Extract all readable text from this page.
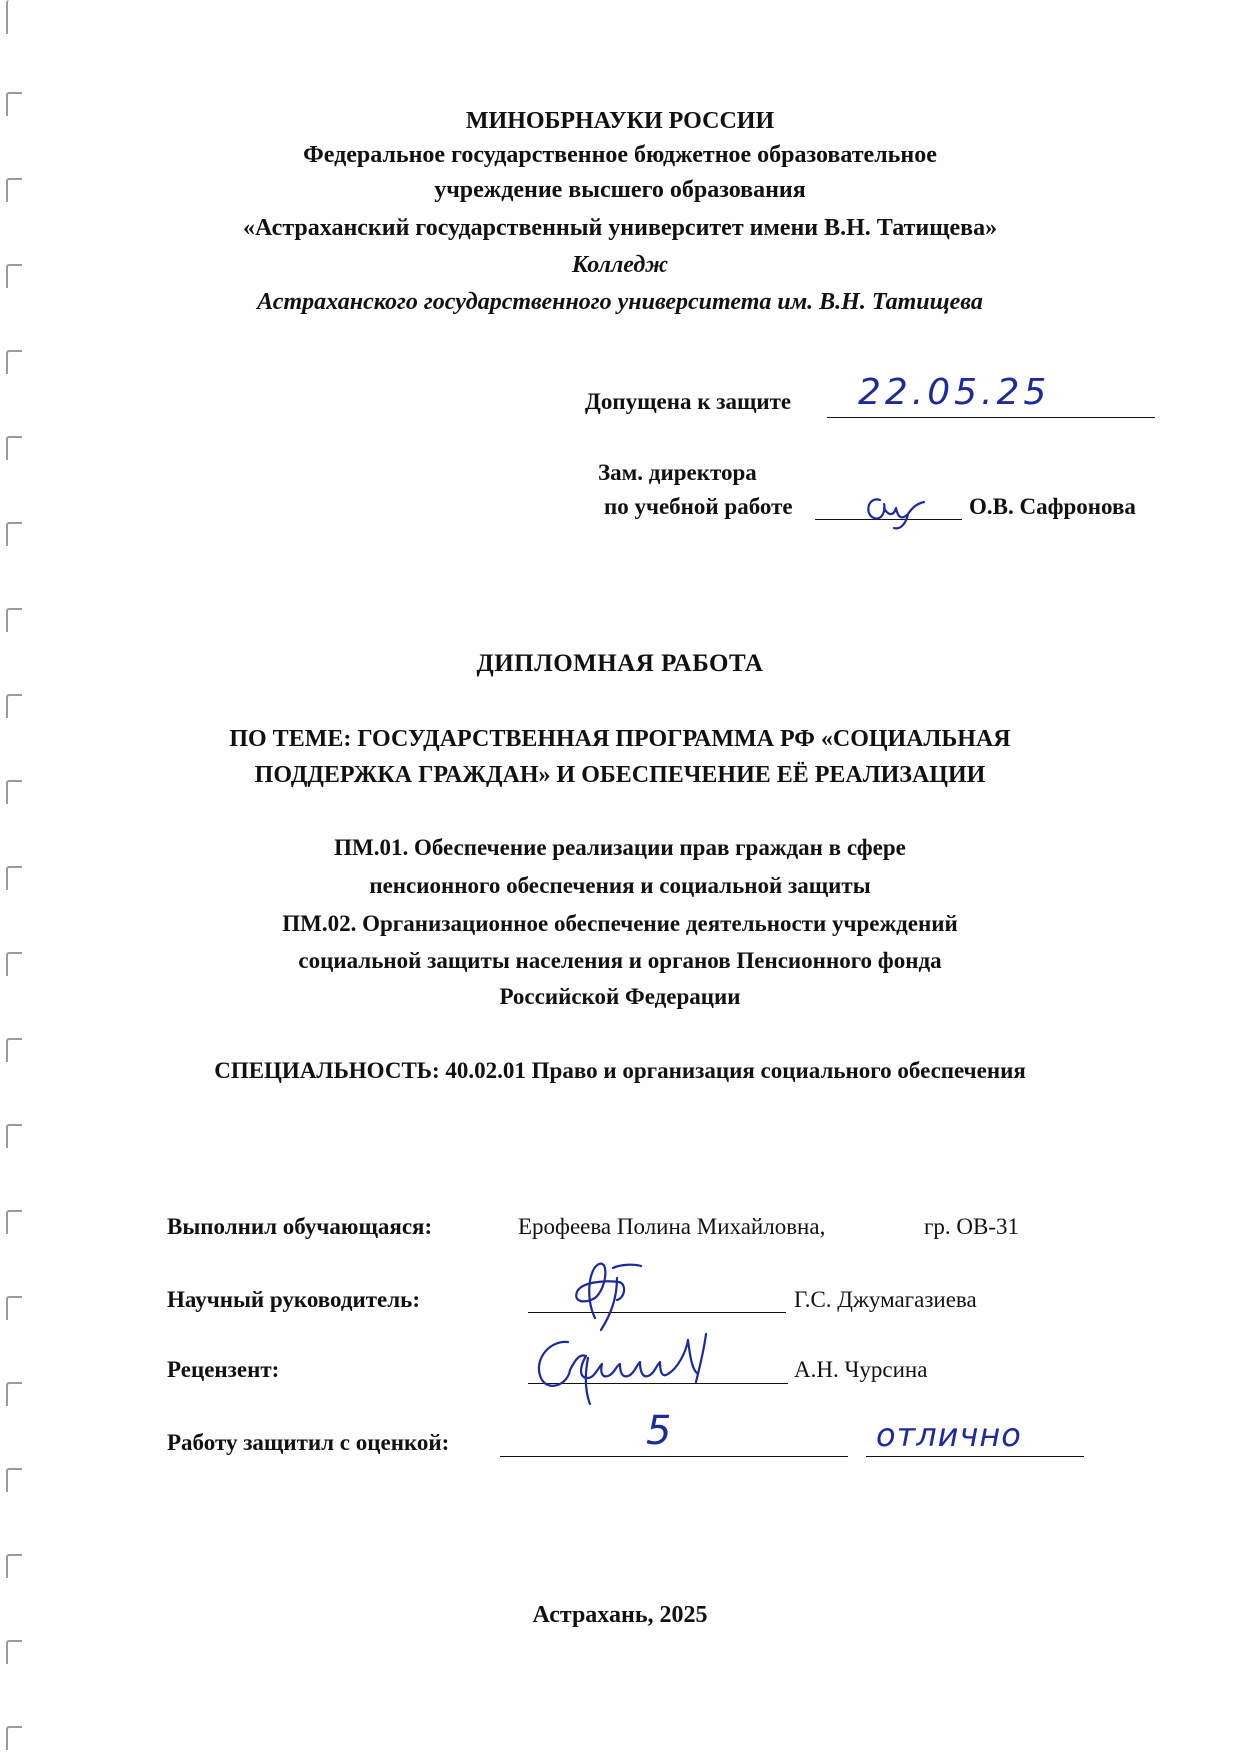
МИНОБРНАУКИ РОССИИ
Федеральное государственное бюджетное образовательное
учреждение высшего образования
«Астраханский государственный университет имени В.Н. Татищева»
Колледж
Астраханского государственного университета им. В.Н. Татищева
Допущена к защите 22.05.25
Зам. директора
по учебной работе	О.В. Сафронова
ДИПЛОМНАЯ РАБОТА
ПО ТЕМЕ: ГОСУДАРСТВЕННАЯ ПРОГРАММА РФ «СОЦИАЛЬНАЯ
ПОДДЕРЖКА ГРАЖДАН» И ОБЕСПЕЧЕНИЕ ЕЁ РЕАЛИЗАЦИИ
ПМ.01. Обеспечение реализации прав граждан в сфере
пенсионного обеспечения и социальной защиты
ПМ.02. Организационное обеспечение деятельности учреждений
социальной защиты населения и органов Пенсионного фонда
Российской Федерации
СПЕЦИАЛЬНОСТЬ: 40.02.01 Право и организация социального обеспечения
Выполнил обучающаяся:	Ерофеева Полина Михайловна,	гр. ОВ-31
Научный руководитель:	Г.С. Джумагазиева
Рецензент:	А.Н. Чурсина
Работу защитил с оценкой:	5	отлично
Астрахань, 2025
